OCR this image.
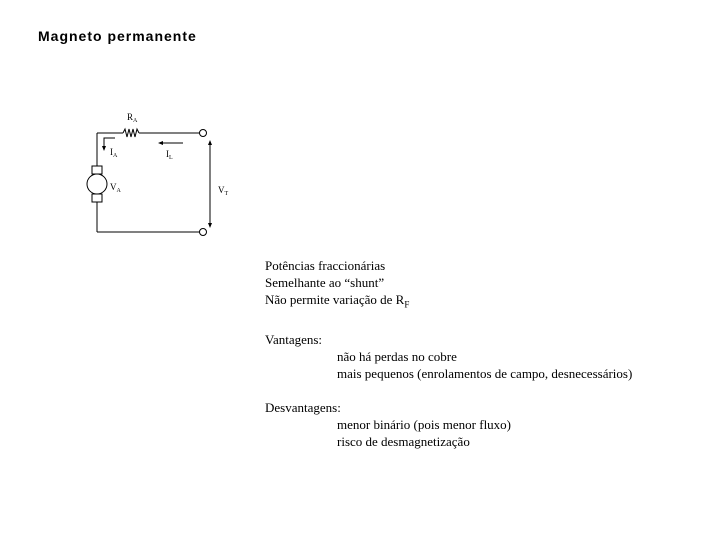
Magneto permanente
$R_A$
$I_A$	$I_L$
$V_A$	$V_T$
Potências fraccionárias
Semelhante ao “shunt”
Não permite variação de $R_F$
Vantagens:
não há perdas no cobre
mais pequenos (enrolamentos de campo, desnecessários)
Desvantagens:
menor binário (pois menor fluxo)
risco de desmagnetização
